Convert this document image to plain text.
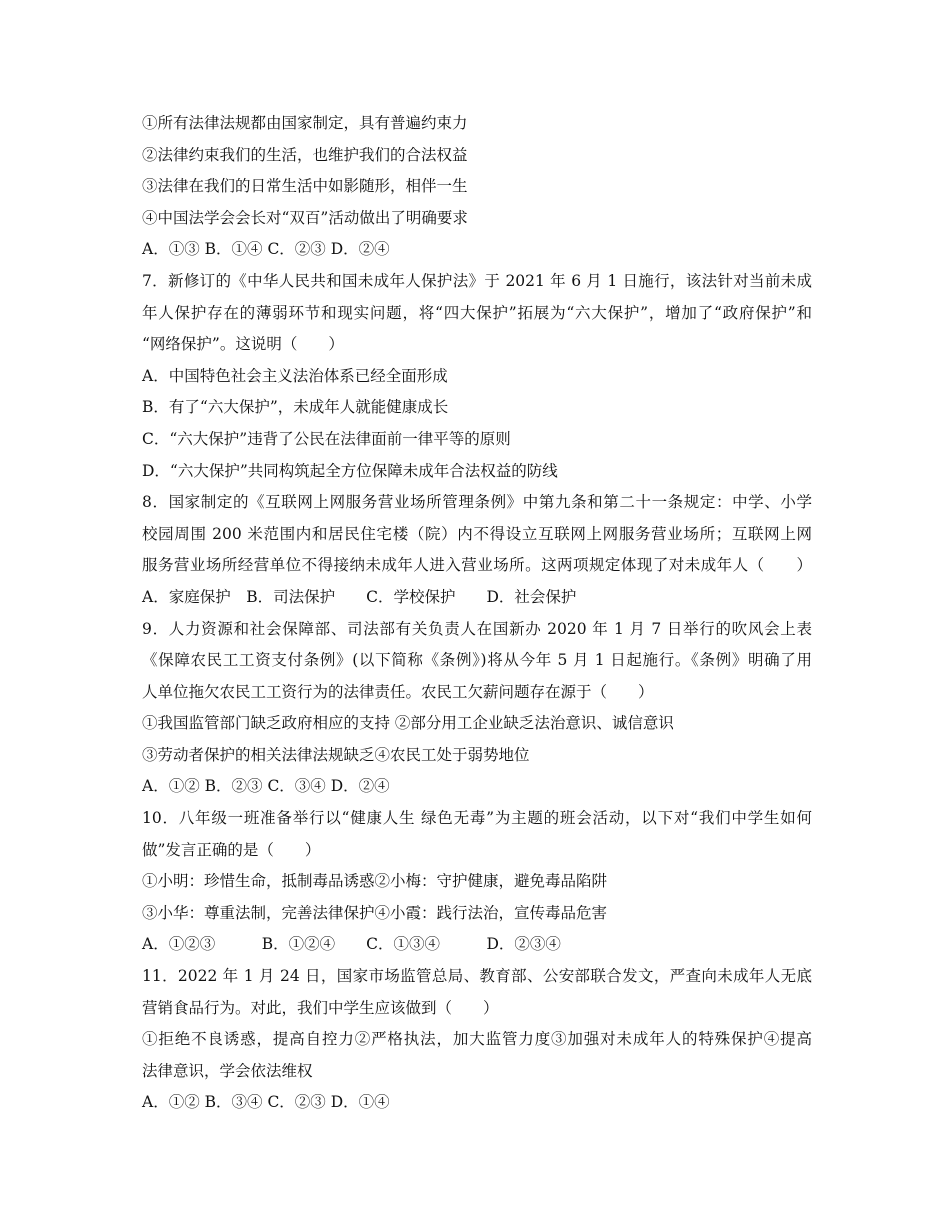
①所有法律法规都由国家制定，具有普遍约束力
②法律约束我们的生活，也维护我们的合法权益
③法律在我们的日常生活中如影随形，相伴一生
④中国法学会会长对“双百”活动做出了明确要求
A．①③ B．①④ C．②③ D．②④
7．新修订的《中华人民共和国未成年人保护法》于 2021 年 6 月 1 日施行，该法针对当前未成
年人保护存在的薄弱环节和现实问题，将“四大保护”拓展为“六大保护”，增加了“政府保护”和
“网络保护”。这说明（　　）
A．中国特色社会主义法治体系已经全面形成
B．有了“六大保护”，未成年人就能健康成长
C．“六大保护”违背了公民在法律面前一律平等的原则
D．“六大保护”共同构筑起全方位保障未成年合法权益的防线
8．国家制定的《互联网上网服务营业场所管理条例》中第九条和第二十一条规定：中学、小学
校园周围 200 米范围内和居民住宅楼（院）内不得设立互联网上网服务营业场所；互联网上网
服务营业场所经营单位不得接纳未成年人进入营业场所。这两项规定体现了对未成年人（　　）
A．家庭保护　B．司法保护　　C．学校保护　　D．社会保护
9．人力资源和社会保障部、司法部有关负责人在国新办 2020 年 1 月 7 日举行的吹风会上表
《保障农民工工资支付条例》(以下简称《条例》)将从今年 5 月 1 日起施行。《条例》明确了用
人单位拖欠农民工工资行为的法律责任。农民工欠薪问题存在源于（　　）
①我国监管部门缺乏政府相应的支持 ②部分用工企业缺乏法治意识、诚信意识
③劳动者保护的相关法律法规缺乏④农民工处于弱势地位
A．①② B．②③ C．③④ D．②④
10．八年级一班准备举行以“健康人生 绿色无毒”为主题的班会活动，以下对“我们中学生如何
做”发言正确的是（　　）
①小明：珍惜生命，抵制毒品诱惑②小梅：守护健康，避免毒品陷阱
③小华：尊重法制，完善法律保护④小霞：践行法治，宣传毒品危害
A．①②③　　　B．①②④　　C．①③④　　　D．②③④
11．2022 年 1 月 24 日，国家市场监管总局、教育部、公安部联合发文，严查向未成年人无底
营销食品行为。对此，我们中学生应该做到（　　）
①拒绝不良诱惑，提高自控力②严格执法，加大监管力度③加强对未成年人的特殊保护④提高
法律意识，学会依法维权
A．①② B．③④ C．②③ D．①④
